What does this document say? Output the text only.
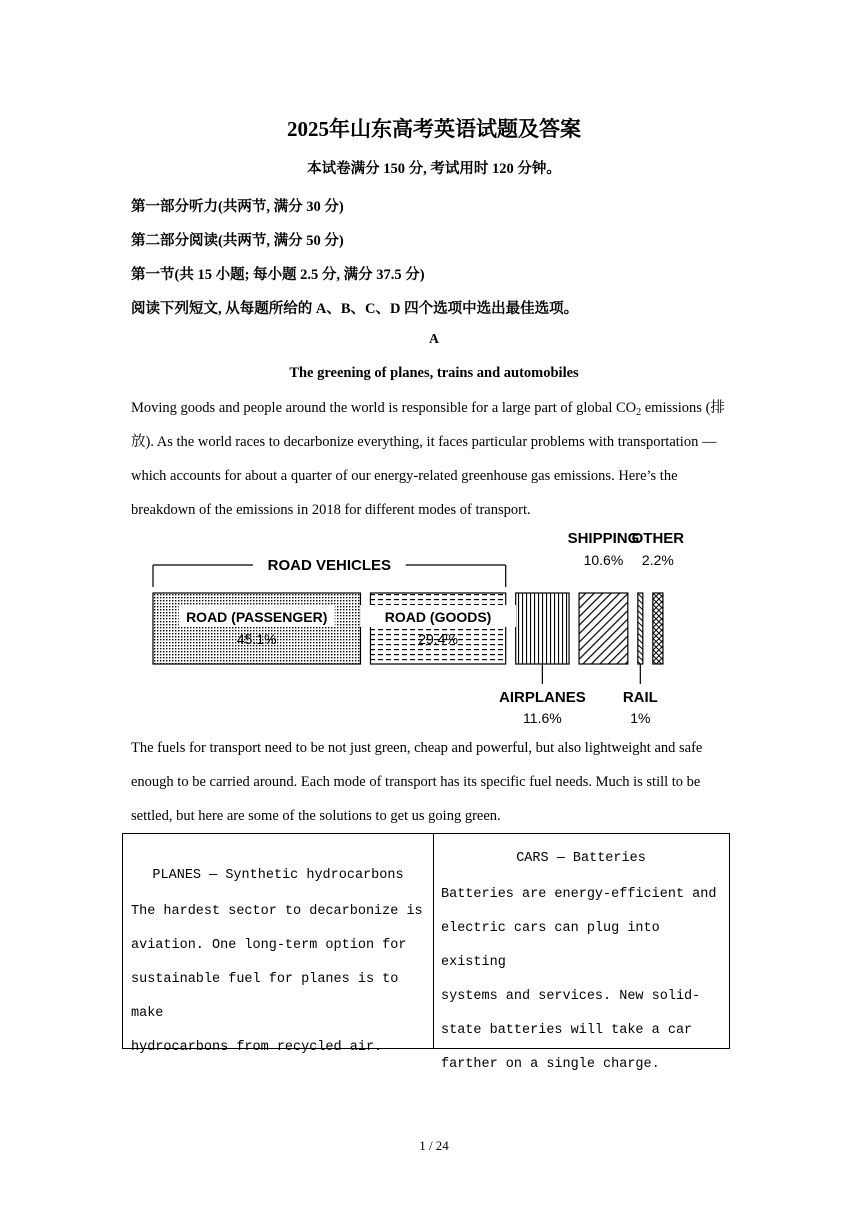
2025年山东高考英语试题及答案
本试卷满分 150 分, 考试用时 120 分钟。
第一部分听力(共两节, 满分 30 分)
第二部分阅读(共两节, 满分 50 分)
第一节(共 15 小题; 每小题 2.5 分, 满分 37.5 分)
阅读下列短文, 从每题所给的 A、B、C、D 四个选项中选出最佳选项。
A
The greening of planes, trains and automobiles

Moving goods and people around the world is responsible for a large part of global $CO_2$ emissions (排放). As the world races to decarbonize everything, it faces particular problems with transportation — which accounts for about a quarter of our energy-related greenhouse gas emissions. Here’s the breakdown of the emissions in 2018 for different modes of transport.

ROAD (PASSENGER)
45.1%
ROAD (GOODS)
29.4%
ROAD VEHICLES
AIRPLANES
11.6%
SHIPPING
10.6%
RAIL
1%
OTHER
2.2%
The fuels for transport need to be not just green, cheap and powerful, but also lightweight and safe enough to be carried around. Each mode of transport has its specific fuel needs. Much is still to be settled, but here are some of the solutions to get us going green.
PLANES — Synthetic hydrocarbons
The hardest sector to decarbonize is
aviation. One long-term option for
sustainable fuel for planes is to make
hydrocarbons from recycled air.
CARS — Batteries
Batteries are energy-efficient and
electric cars can plug into existing
systems and services. New solid-
state batteries will take a car
farther on a single charge.
1 / 24
